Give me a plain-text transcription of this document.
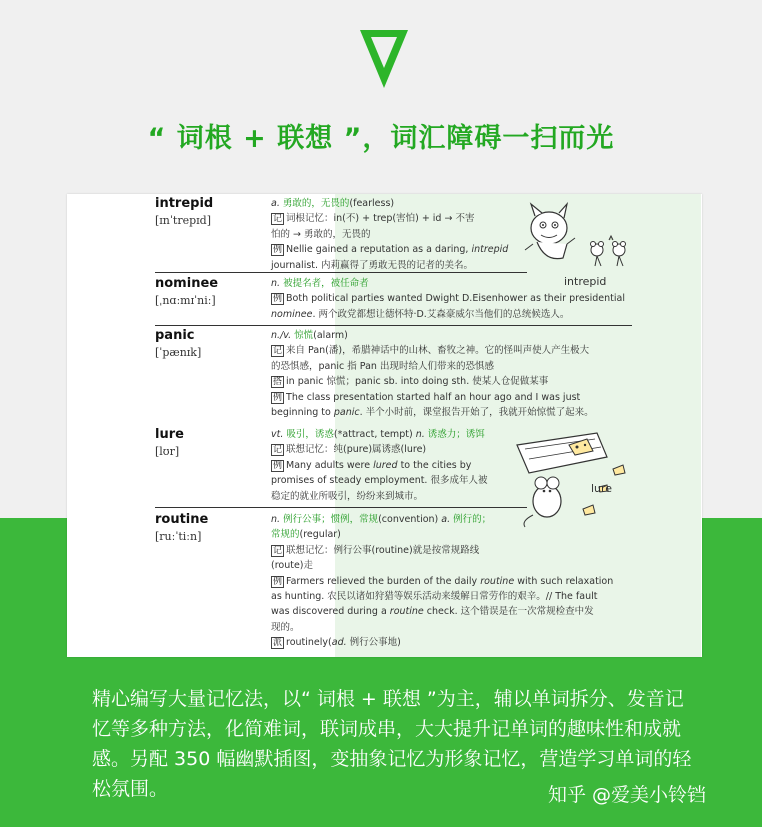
“ 词根 + 联想 ”，词汇障碍一扫而光
intrepid
[ɪnˈtrepɪd]
a. 勇敢的，无畏的(fearless)
记 词根记忆：in(不) + trep(害怕) + id → 不害
怕的 → 勇敢的，无畏的
例 Nellie gained a reputation as a daring, intrepid
journalist. 内莉赢得了勇敢无畏的记者的美名。
intrepid
nominee
[ˌnɑːmɪˈniː]
n. 被提名者，被任命者
例 Both political parties wanted Dwight D.Eisenhower as their presidential
nominee. 两个政党都想让德怀特·D.艾森豪威尔当他们的总统候选人。
panic
[ˈpænɪk]
n./v. 惊慌(alarm)
记 来自 Pan(潘)，希腊神话中的山林、畜牧之神。它的怪叫声使人产生极大
的恐惧感，panic 指 Pan 出现时给人们带来的恐惧感
搭 in panic 惊慌；panic sb. into doing sth. 使某人仓促做某事
例 The class presentation started half an hour ago and I was just
beginning to panic. 半个小时前，课堂报告开始了，我就开始惊慌了起来。
lure
[lʊr]
vt. 吸引，诱惑(*attract, tempt) n. 诱惑力；诱饵
记 联想记忆：纯(pure)属诱惑(lure)
例 Many adults were lured to the cities by
promises of steady employment. 很多成年人被
稳定的就业所吸引，纷纷来到城市。
lure
routine
[ruːˈtiːn]
n. 例行公事；惯例，常规(convention) a. 例行的；
常规的(regular)
记 联想记忆：例行公事(routine)就是按常规路线
(route)走
例 Farmers relieved the burden of the daily routine with such relaxation
as hunting. 农民以诸如狩猎等娱乐活动来缓解日常劳作的艰辛。// The fault
was discovered during a routine check. 这个错误是在一次常规检查中发
现的。
派 routinely(ad. 例行公事地)
精心编写大量记忆法，以“ 词根 + 联想 ”为主，辅以单词拆分、发音记忆等多种方法，化简难词，联词成串，大大提升记单词的趣味性和成就感。另配 350 幅幽默插图，变抽象记忆为形象记忆，营造学习单词的轻松氛围。	知乎 @爱美小铃铛
